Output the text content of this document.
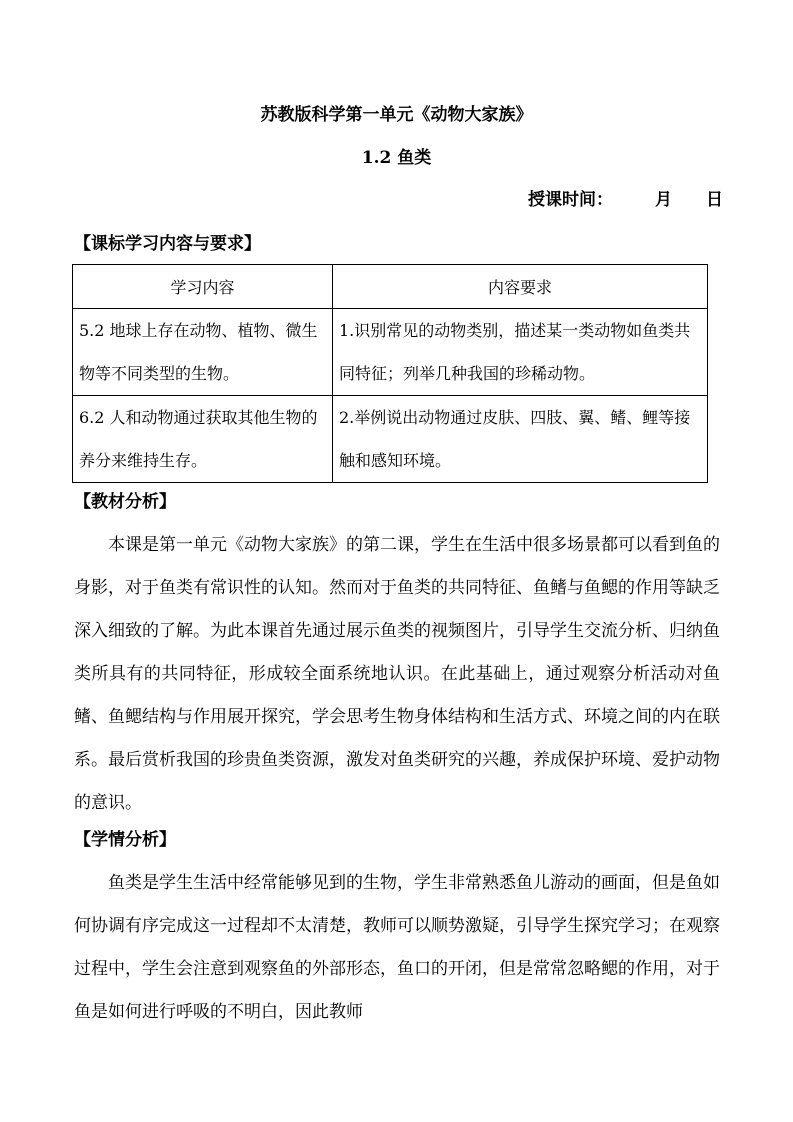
苏教版科学第一单元《动物大家族》
1.2 鱼类
授课时间： 月 日
【课标学习内容与要求】
学习内容	内容要求
5.2 地球上存在动物、植物、微生物等不同类型的生物。	1.识别常见的动物类别，描述某一类动物如鱼类共同特征；列举几种我国的珍稀动物。
6.2 人和动物通过获取其他生物的养分来维持生存。	2.举例说出动物通过皮肤、四肢、翼、鳍、鲤等接触和感知环境。
【教材分析】

本课是第一单元《动物大家族》的第二课，学生在生活中很多场景都可以看到鱼的身影，对于鱼类有常识性的认知。然而对于鱼类的共同特征、鱼鳍与鱼鳃的作用等缺乏深入细致的了解。为此本课首先通过展示鱼类的视频图片，引导学生交流分析、归纳鱼类所具有的共同特征，形成较全面系统地认识。在此基础上，通过观察分析活动对鱼鳍、鱼鳃结构与作用展开探究，学会思考生物身体结构和生活方式、环境之间的内在联系。最后赏析我国的珍贵鱼类资源，激发对鱼类研究的兴趣，养成保护环境、爱护动物的意识。

【学情分析】

鱼类是学生生活中经常能够见到的生物，学生非常熟悉鱼儿游动的画面，但是鱼如何协调有序完成这一过程却不太清楚，教师可以顺势激疑，引导学生探究学习；在观察过程中，学生会注意到观察鱼的外部形态，鱼口的开闭，但是常常忽略鳃的作用，对于鱼是如何进行呼吸的不明白，因此教师
